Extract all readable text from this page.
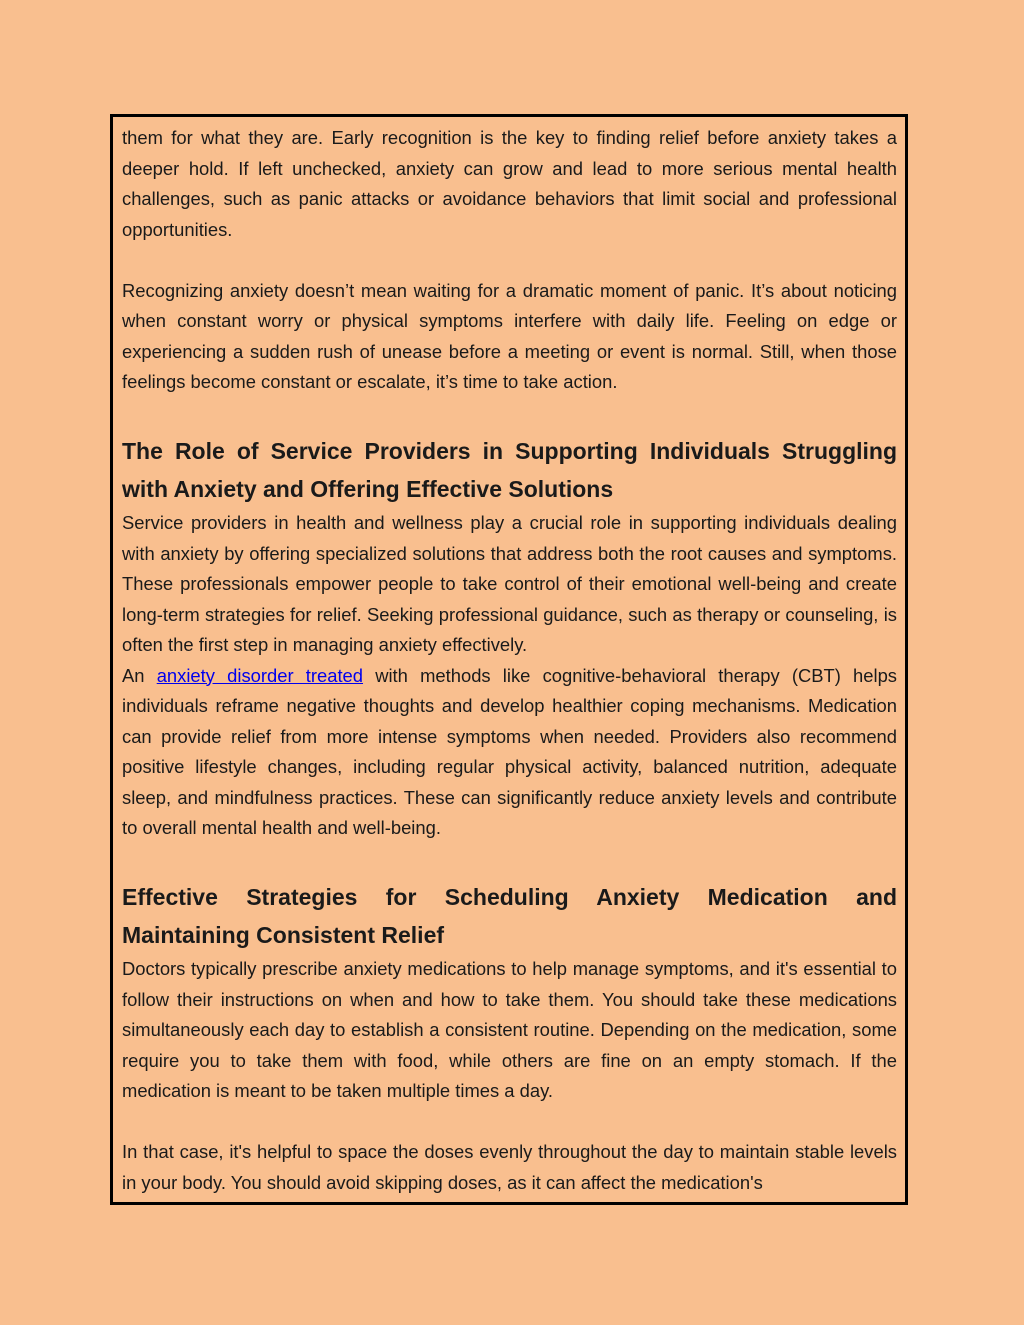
them for what they are. Early recognition is the key to finding relief before anxiety takes a deeper hold. If left unchecked, anxiety can grow and lead to more serious mental health challenges, such as panic attacks or avoidance behaviors that limit social and professional opportunities.

Recognizing anxiety doesn’t mean waiting for a dramatic moment of panic. It’s about noticing when constant worry or physical symptoms interfere with daily life. Feeling on edge or experiencing a sudden rush of unease before a meeting or event is normal. Still, when those feelings become constant or escalate, it’s time to take action.

The Role of Service Providers in Supporting Individuals Struggling with Anxiety and Offering Effective Solutions

Service providers in health and wellness play a crucial role in supporting individuals dealing with anxiety by offering specialized solutions that address both the root causes and symptoms. These professionals empower people to take control of their emotional well-being and create long-term strategies for relief. Seeking professional guidance, such as therapy or counseling, is often the first step in managing anxiety effectively.

An anxiety disorder treated with methods like cognitive-behavioral therapy (CBT) helps individuals reframe negative thoughts and develop healthier coping mechanisms. Medication can provide relief from more intense symptoms when needed. Providers also recommend positive lifestyle changes, including regular physical activity, balanced nutrition, adequate sleep, and mindfulness practices. These can significantly reduce anxiety levels and contribute to overall mental health and well-being.

Effective Strategies for Scheduling Anxiety Medication and Maintaining Consistent Relief

Doctors typically prescribe anxiety medications to help manage symptoms, and it's essential to follow their instructions on when and how to take them. You should take these medications simultaneously each day to establish a consistent routine. Depending on the medication, some require you to take them with food, while others are fine on an empty stomach. If the medication is meant to be taken multiple times a day.

In that case, it's helpful to space the doses evenly throughout the day to maintain stable levels in your body. You should avoid skipping doses, as it can affect the medication's
